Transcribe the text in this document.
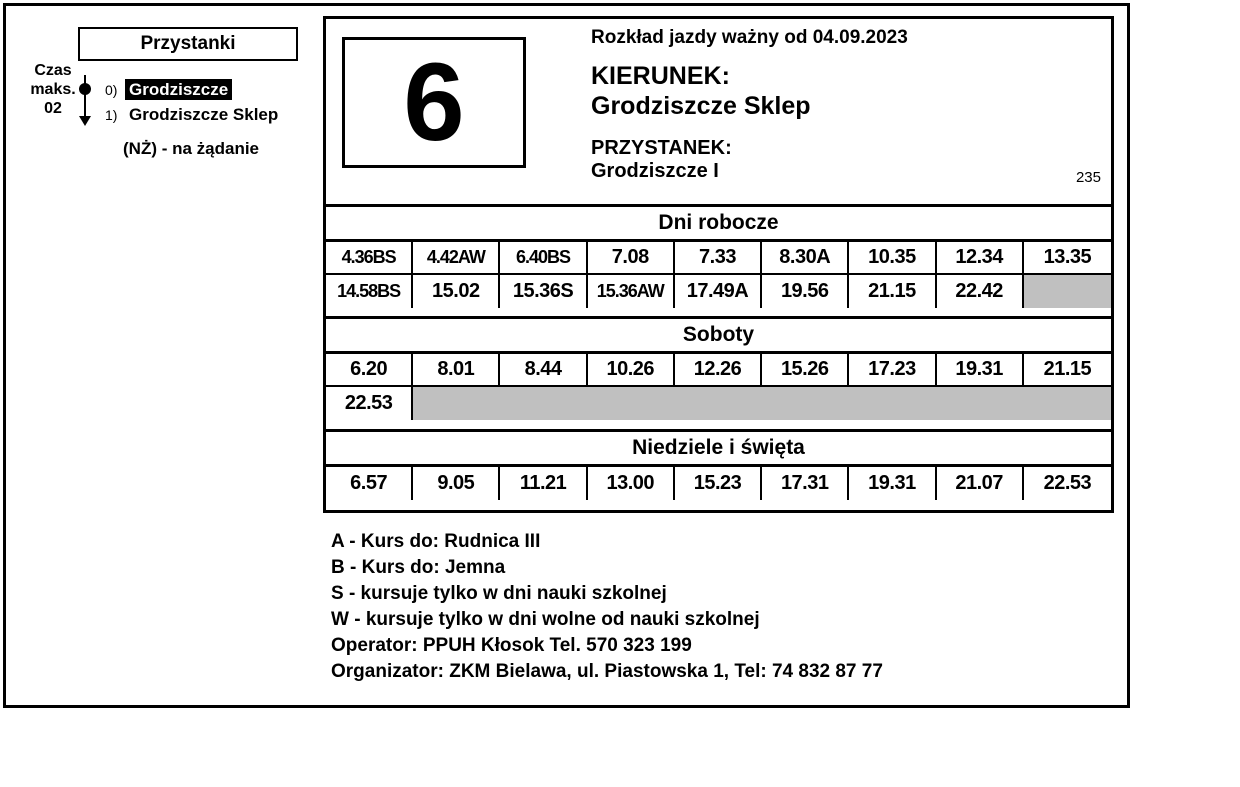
Przystanki
Czas
maks.
02
0) Grodziszcze
1) Grodziszcze Sklep
(NŻ) - na żądanie	6
Rozkład jazdy ważny od 04.09.2023
KIERUNEK:
Grodziszcze Sklep
PRZYSTANEK:
Grodziszcze I	235
Dni robocze
4.36BS	4.42AW	6.40BS	7.08	7.33	8.30A	10.35	12.34	13.35
14.58BS	15.02	15.36S	15.36AW	17.49A	19.56	21.15	22.42
Soboty
6.20	8.01	8.44	10.26	12.26	15.26	17.23	19.31	21.15
22.53
Niedziele i święta
6.57	9.05	11.21	13.00	15.23	17.31	19.31	21.07	22.53
A - Kurs do: Rudnica III
B - Kurs do: Jemna
S - kursuje tylko w dni nauki szkolnej
W - kursuje tylko w dni wolne od nauki szkolnej
Operator: PPUH Kłosok Tel. 570 323 199
Organizator: ZKM Bielawa, ul. Piastowska 1, Tel: 74 832 87 77
